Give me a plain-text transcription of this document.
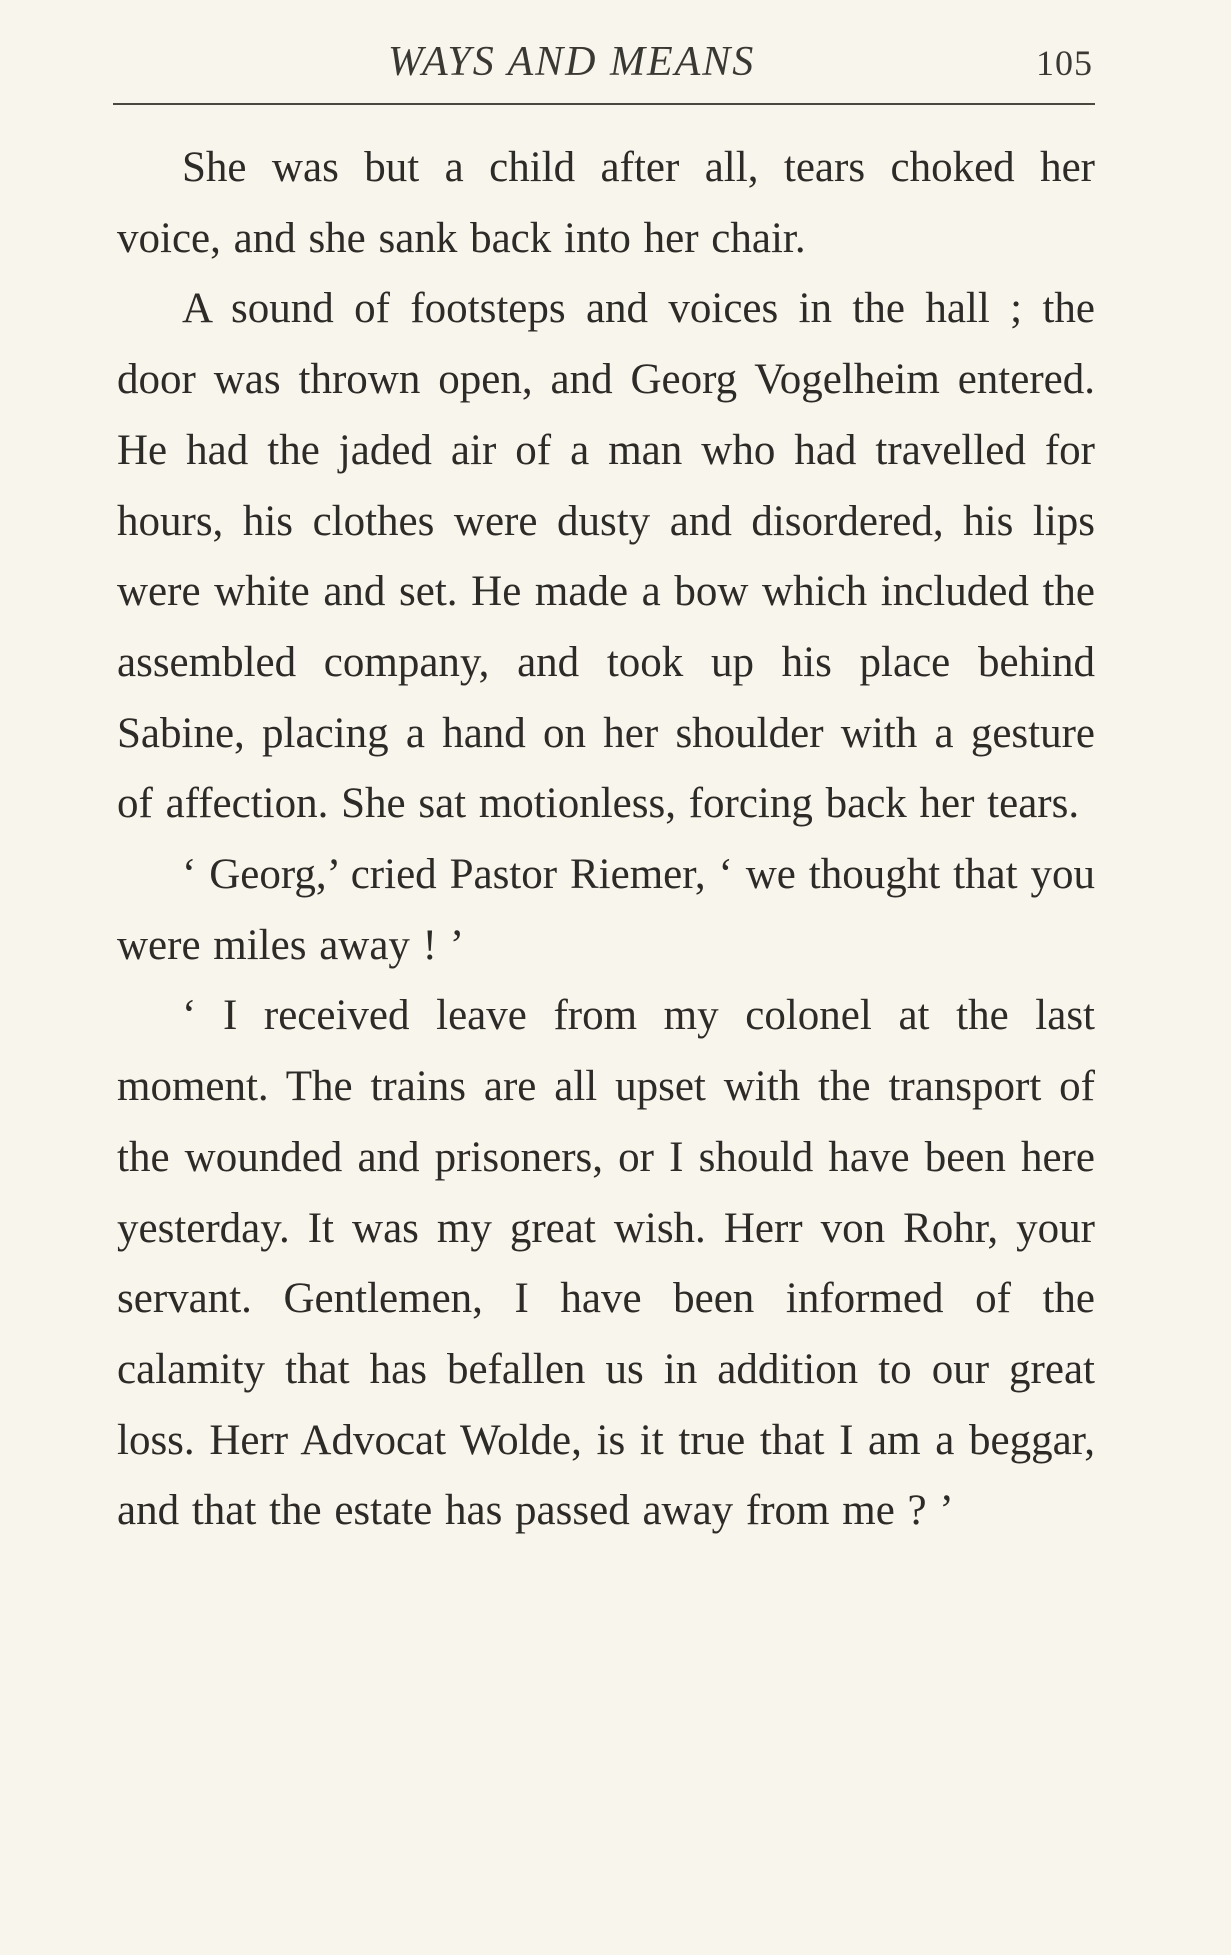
WAYS AND MEANS	105

She was but a child after all, tears choked her voice, and she sank back into her chair.

A sound of footsteps and voices in the hall ; the door was thrown open, and Georg Vogelheim entered. He had the jaded air of a man who had travelled for hours, his clothes were dusty and disordered, his lips were white and set. He made a bow which included the assembled company, and took up his place behind Sabine, placing a hand on her shoulder with a gesture of affection. She sat motionless, forcing back her tears.

‘ Georg,’ cried Pastor Riemer, ‘ we thought that you were miles away ! ’

‘ I received leave from my colonel at the last moment. The trains are all upset with the transport of the wounded and prisoners, or I should have been here yesterday. It was my great wish. Herr von Rohr, your servant. Gentlemen, I have been informed of the calamity that has befallen us in addition to our great loss. Herr Advocat Wolde, is it true that I am a beggar, and that the estate has passed away from me ? ’
